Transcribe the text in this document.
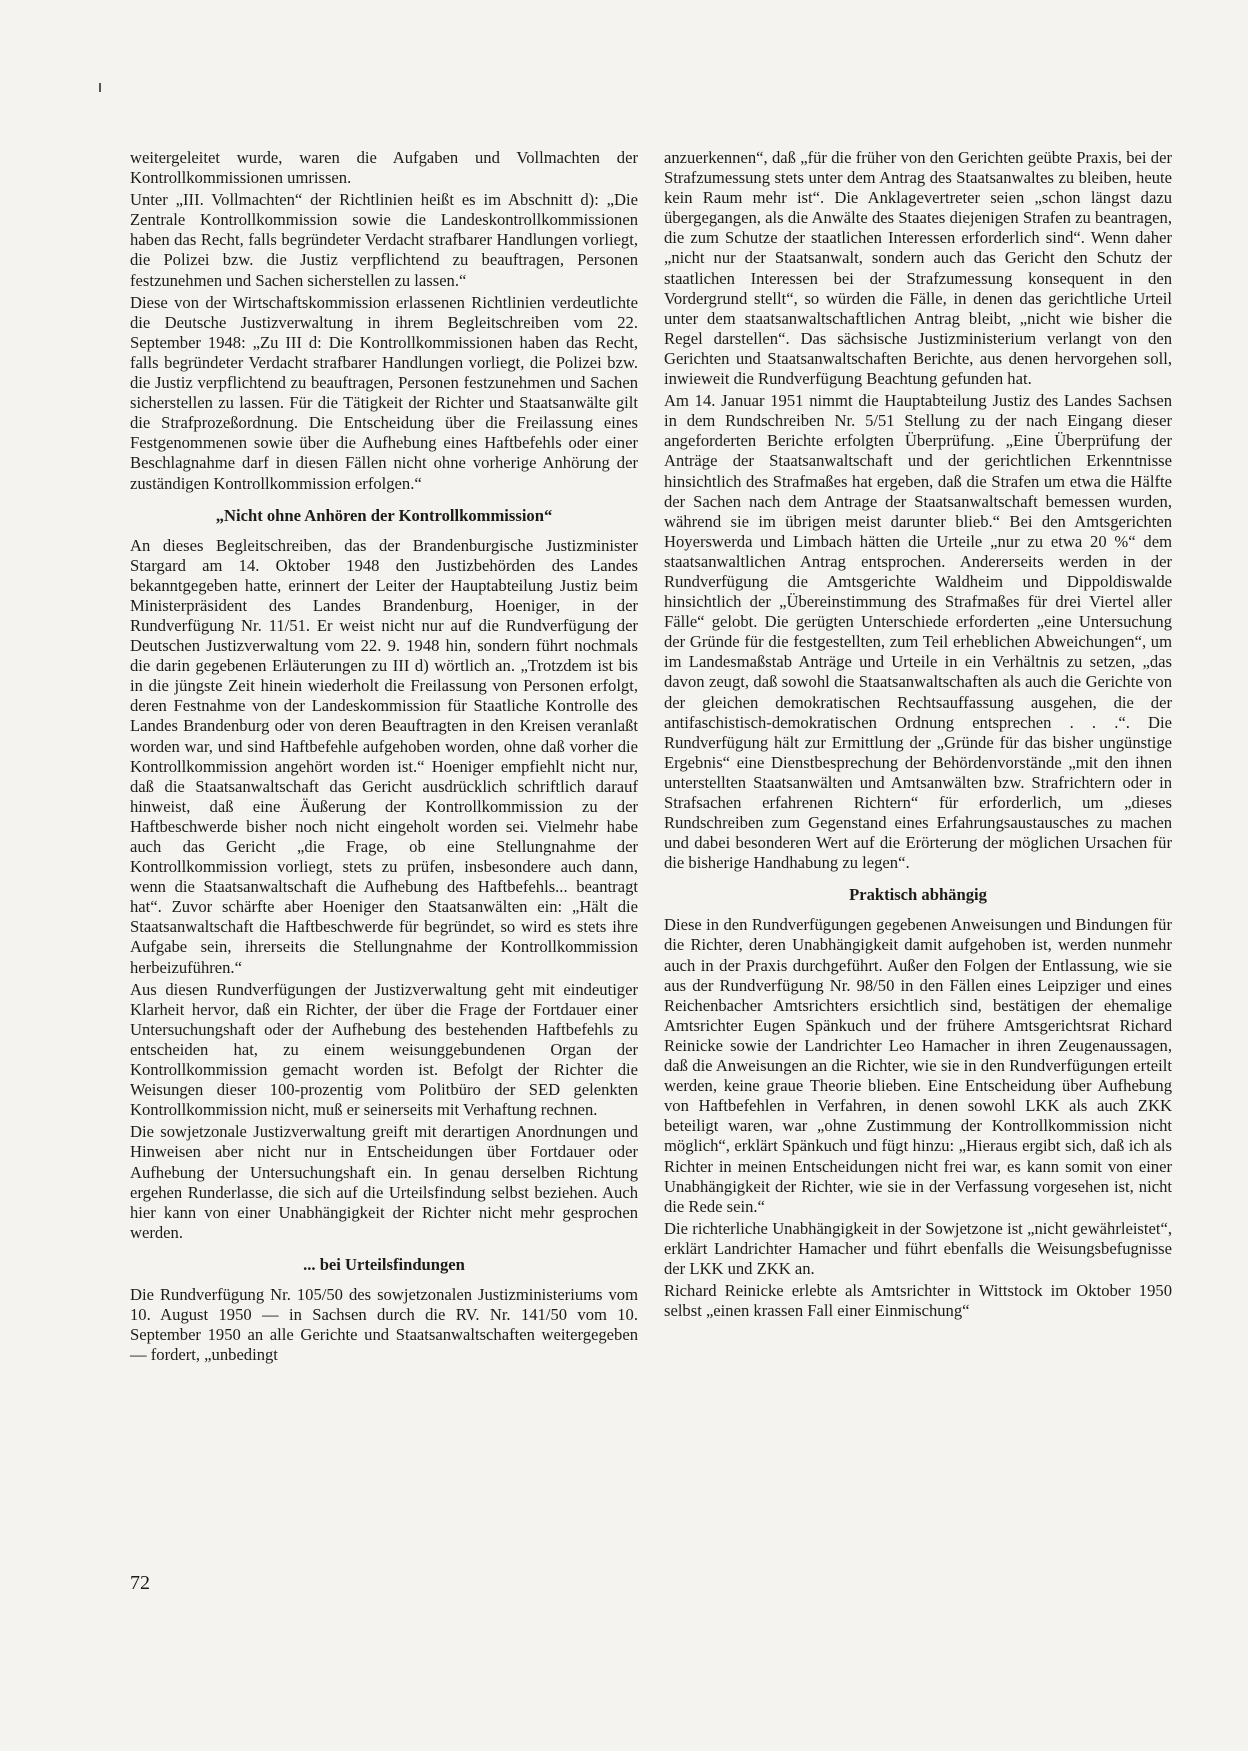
weitergeleitet wurde, waren die Aufgaben und Vollmachten der Kontrollkommissionen umrissen.

Unter „III. Vollmachten“ der Richtlinien heißt es im Abschnitt d): „Die Zentrale Kontrollkommission sowie die Landeskontrollkommissionen haben das Recht, falls begründeter Verdacht strafbarer Handlungen vorliegt, die Polizei bzw. die Justiz verpflichtend zu beauftragen, Personen festzunehmen und Sachen sicherstellen zu lassen.“

Diese von der Wirtschaftskommission erlassenen Richtlinien verdeutlichte die Deutsche Justizverwaltung in ihrem Begleitschreiben vom 22. September 1948: „Zu III d: Die Kontrollkommissionen haben das Recht, falls begründeter Verdacht strafbarer Handlungen vorliegt, die Polizei bzw. die Justiz verpflichtend zu beauftragen, Personen festzunehmen und Sachen sicherstellen zu lassen. Für die Tätigkeit der Richter und Staatsanwälte gilt die Strafprozeßordnung. Die Entscheidung über die Freilassung eines Festgenommenen sowie über die Aufhebung eines Haftbefehls oder einer Beschlagnahme darf in diesen Fällen nicht ohne vorherige Anhörung der zuständigen Kontrollkommission erfolgen.“

„Nicht ohne Anhören der Kontrollkommission“

An dieses Begleitschreiben, das der Brandenburgische Justizminister Stargard am 14. Oktober 1948 den Justizbehörden des Landes bekanntgegeben hatte, erinnert der Leiter der Hauptabteilung Justiz beim Ministerpräsident des Landes Brandenburg, Hoeniger, in der Rundverfügung Nr. 11/51. Er weist nicht nur auf die Rundverfügung der Deutschen Justizverwaltung vom 22. 9. 1948 hin, sondern führt nochmals die darin gegebenen Erläuterungen zu III d) wörtlich an. „Trotzdem ist bis in die jüngste Zeit hinein wiederholt die Freilassung von Personen erfolgt, deren Festnahme von der Landeskommission für Staatliche Kontrolle des Landes Brandenburg oder von deren Beauftragten in den Kreisen veranlaßt worden war, und sind Haftbefehle aufgehoben worden, ohne daß vorher die Kontrollkommission angehört worden ist.“ Hoeniger empfiehlt nicht nur, daß die Staatsanwaltschaft das Gericht ausdrücklich schriftlich darauf hinweist, daß eine Äußerung der Kontrollkommission zu der Haftbeschwerde bisher noch nicht eingeholt worden sei. Vielmehr habe auch das Gericht „die Frage, ob eine Stellungnahme der Kontrollkommission vorliegt, stets zu prüfen, insbesondere auch dann, wenn die Staatsanwaltschaft die Aufhebung des Haftbefehls... beantragt hat“. Zuvor schärfte aber Hoeniger den Staatsanwälten ein: „Hält die Staatsanwaltschaft die Haftbeschwerde für begründet, so wird es stets ihre Aufgabe sein, ihrerseits die Stellungnahme der Kontrollkommission herbeizuführen.“

Aus diesen Rundverfügungen der Justizverwaltung geht mit eindeutiger Klarheit hervor, daß ein Richter, der über die Frage der Fortdauer einer Untersuchungshaft oder der Aufhebung des bestehenden Haftbefehls zu entscheiden hat, zu einem weisunggebundenen Organ der Kontrollkommission gemacht worden ist. Befolgt der Richter die Weisungen dieser 100-prozentig vom Politbüro der SED gelenkten Kontrollkommission nicht, muß er seinerseits mit Verhaftung rechnen.

Die sowjetzonale Justizverwaltung greift mit derartigen Anordnungen und Hinweisen aber nicht nur in Entscheidungen über Fortdauer oder Aufhebung der Untersuchungshaft ein. In genau derselben Richtung ergehen Runderlasse, die sich auf die Urteilsfindung selbst beziehen. Auch hier kann von einer Unabhängigkeit der Richter nicht mehr gesprochen werden.

... bei Urteilsfindungen

Die Rundverfügung Nr. 105/50 des sowjetzonalen Justizministeriums vom 10. August 1950 — in Sachsen durch die RV. Nr. 141/50 vom 10. September 1950 an alle Gerichte und Staatsanwaltschaften weitergegeben — fordert, „unbedingt

anzuerkennen“, daß „für die früher von den Gerichten geübte Praxis, bei der Strafzumessung stets unter dem Antrag des Staatsanwaltes zu bleiben, heute kein Raum mehr ist“. Die Anklagevertreter seien „schon längst dazu übergegangen, als die Anwälte des Staates diejenigen Strafen zu beantragen, die zum Schutze der staatlichen Interessen erforderlich sind“. Wenn daher „nicht nur der Staatsanwalt, sondern auch das Gericht den Schutz der staatlichen Interessen bei der Strafzumessung konsequent in den Vordergrund stellt“, so würden die Fälle, in denen das gerichtliche Urteil unter dem staatsanwaltschaftlichen Antrag bleibt, „nicht wie bisher die Regel darstellen“. Das sächsische Justizministerium verlangt von den Gerichten und Staatsanwaltschaften Berichte, aus denen hervorgehen soll, inwieweit die Rundverfügung Beachtung gefunden hat.

Am 14. Januar 1951 nimmt die Hauptabteilung Justiz des Landes Sachsen in dem Rundschreiben Nr. 5/51 Stellung zu der nach Eingang dieser angeforderten Berichte erfolgten Überprüfung. „Eine Überprüfung der Anträge der Staatsanwaltschaft und der gerichtlichen Erkenntnisse hinsichtlich des Strafmaßes hat ergeben, daß die Strafen um etwa die Hälfte der Sachen nach dem Antrage der Staatsanwaltschaft bemessen wurden, während sie im übrigen meist darunter blieb.“ Bei den Amtsgerichten Hoyerswerda und Limbach hätten die Urteile „nur zu etwa 20 %“ dem staatsanwaltlichen Antrag entsprochen. Andererseits werden in der Rundverfügung die Amtsgerichte Waldheim und Dippoldiswalde hinsichtlich der „Übereinstimmung des Strafmaßes für drei Viertel aller Fälle“ gelobt. Die gerügten Unterschiede erforderten „eine Untersuchung der Gründe für die festgestellten, zum Teil erheblichen Abweichungen“, um im Landesmaßstab Anträge und Urteile in ein Verhältnis zu setzen, „das davon zeugt, daß sowohl die Staatsanwaltschaften als auch die Gerichte von der gleichen demokratischen Rechtsauffassung ausgehen, die der antifaschistisch-demokratischen Ordnung entsprechen . . .“. Die Rundverfügung hält zur Ermittlung der „Gründe für das bisher ungünstige Ergebnis“ eine Dienstbesprechung der Behördenvorstände „mit den ihnen unterstellten Staatsanwälten und Amtsanwälten bzw. Strafrichtern oder in Strafsachen erfahrenen Richtern“ für erforderlich, um „dieses Rundschreiben zum Gegenstand eines Erfahrungsaustausches zu machen und dabei besonderen Wert auf die Erörterung der möglichen Ursachen für die bisherige Handhabung zu legen“.

Praktisch abhängig

Diese in den Rundverfügungen gegebenen Anweisungen und Bindungen für die Richter, deren Unabhängigkeit damit aufgehoben ist, werden nunmehr auch in der Praxis durchgeführt. Außer den Folgen der Entlassung, wie sie aus der Rundverfügung Nr. 98/50 in den Fällen eines Leipziger und eines Reichenbacher Amtsrichters ersichtlich sind, bestätigen der ehemalige Amtsrichter Eugen Spänkuch und der frühere Amtsgerichtsrat Richard Reinicke sowie der Landrichter Leo Hamacher in ihren Zeugenaussagen, daß die Anweisungen an die Richter, wie sie in den Rundverfügungen erteilt werden, keine graue Theorie blieben. Eine Entscheidung über Aufhebung von Haftbefehlen in Verfahren, in denen sowohl LKK als auch ZKK beteiligt waren, war „ohne Zustimmung der Kontrollkommission nicht möglich“, erklärt Spänkuch und fügt hinzu: „Hieraus ergibt sich, daß ich als Richter in meinen Entscheidungen nicht frei war, es kann somit von einer Unabhängigkeit der Richter, wie sie in der Verfassung vorgesehen ist, nicht die Rede sein.“

Die richterliche Unabhängigkeit in der Sowjetzone ist „nicht gewährleistet“, erklärt Landrichter Hamacher und führt ebenfalls die Weisungsbefugnisse der LKK und ZKK an.

Richard Reinicke erlebte als Amtsrichter in Wittstock im Oktober 1950 selbst „einen krassen Fall einer Einmischung“

72
